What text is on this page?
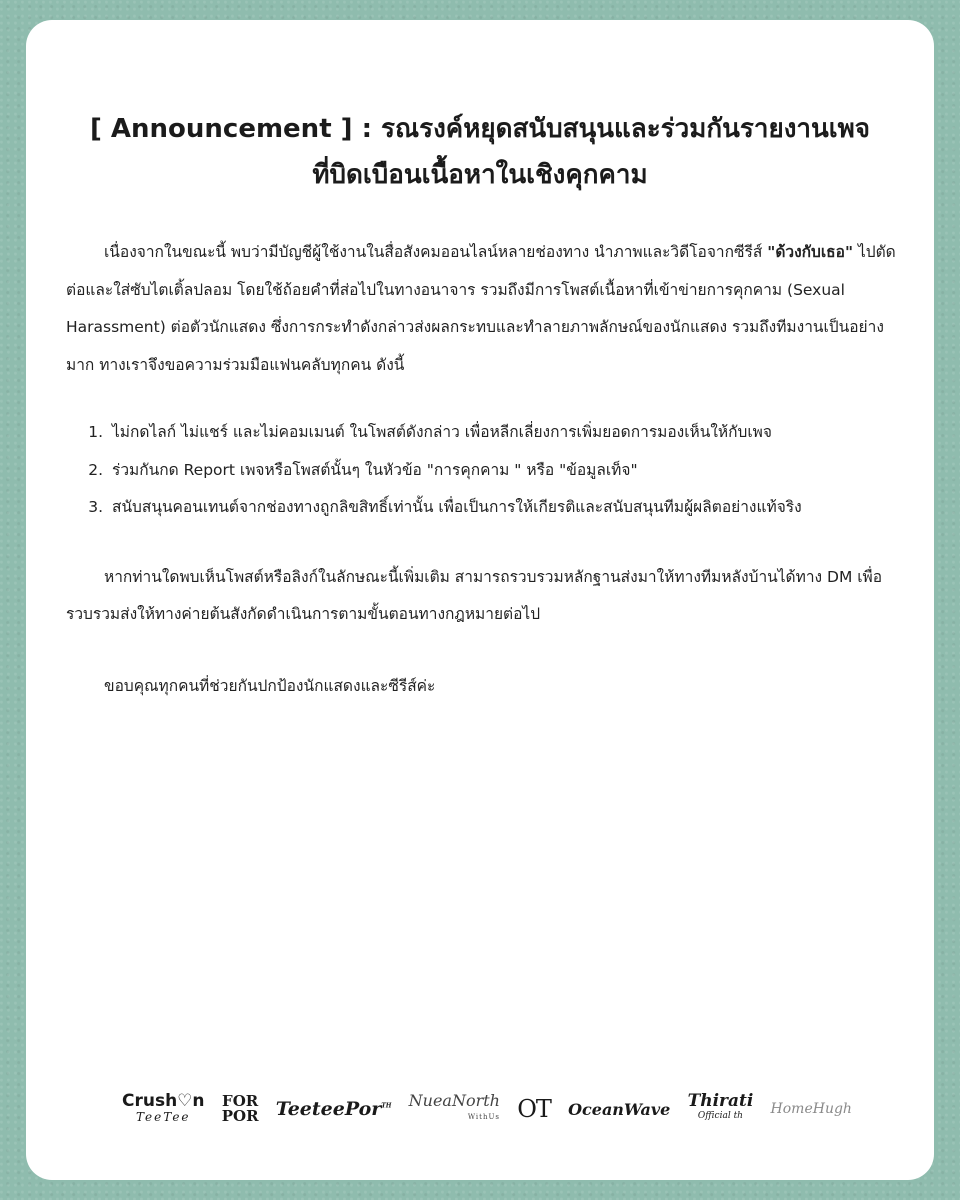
[ Announcement ] : รณรงค์หยุดสนับสนุนและร่วมกันรายงานเพจ
ที่บิดเบือนเนื้อหาในเชิงคุกคาม

เนื่องจากในขณะนี้ พบว่ามีบัญชีผู้ใช้งานในสื่อสังคมออนไลน์หลายช่องทาง นำภาพและวิดีโอจากซีรีส์ "ด้วงกับเธอ" ไปตัดต่อและใส่ซับไตเติ้ลปลอม โดยใช้ถ้อยคำที่ส่อไปในทางอนาจาร รวมถึงมีการโพสต์เนื้อหาที่เข้าข่ายการคุกคาม (Sexual Harassment) ต่อตัวนักแสดง ซึ่งการกระทำดังกล่าวส่งผลกระทบและทำลายภาพลักษณ์ของนักแสดง รวมถึงทีมงานเป็นอย่างมาก ทางเราจึงขอความร่วมมือแฟนคลับทุกคน ดังนี้

1. ไม่กดไลก์ ไม่แชร์ และไม่คอมเมนต์ ในโพสต์ดังกล่าว เพื่อหลีกเลี่ยงการเพิ่มยอดการมองเห็นให้กับเพจ
2. ร่วมกันกด Report เพจหรือโพสต์นั้นๆ ในหัวข้อ "การคุกคาม " หรือ "ข้อมูลเท็จ"
3. สนับสนุนคอนเทนต์จากช่องทางถูกลิขสิทธิ์เท่านั้น เพื่อเป็นการให้เกียรติและสนับสนุนทีมผู้ผลิตอย่างแท้จริง

หากท่านใดพบเห็นโพสต์หรือลิงก์ในลักษณะนี้เพิ่มเติม สามารถรวบรวมหลักฐานส่งมาให้ทางทีมหลังบ้านได้ทาง DM เพื่อรวบรวมส่งให้ทางค่ายต้นสังกัดดำเนินการตามขั้นตอนทางกฎหมายต่อไป

ขอบคุณทุกคนที่ช่วยกันปกป้องนักแสดงและซีรีส์ค่ะ

Crush♡n
TeeTee
FOR
POR TeeteePor$^{TH}$ NueaNorth
WithUs OT OceanWave Thirati
Official th	HomeHugh
